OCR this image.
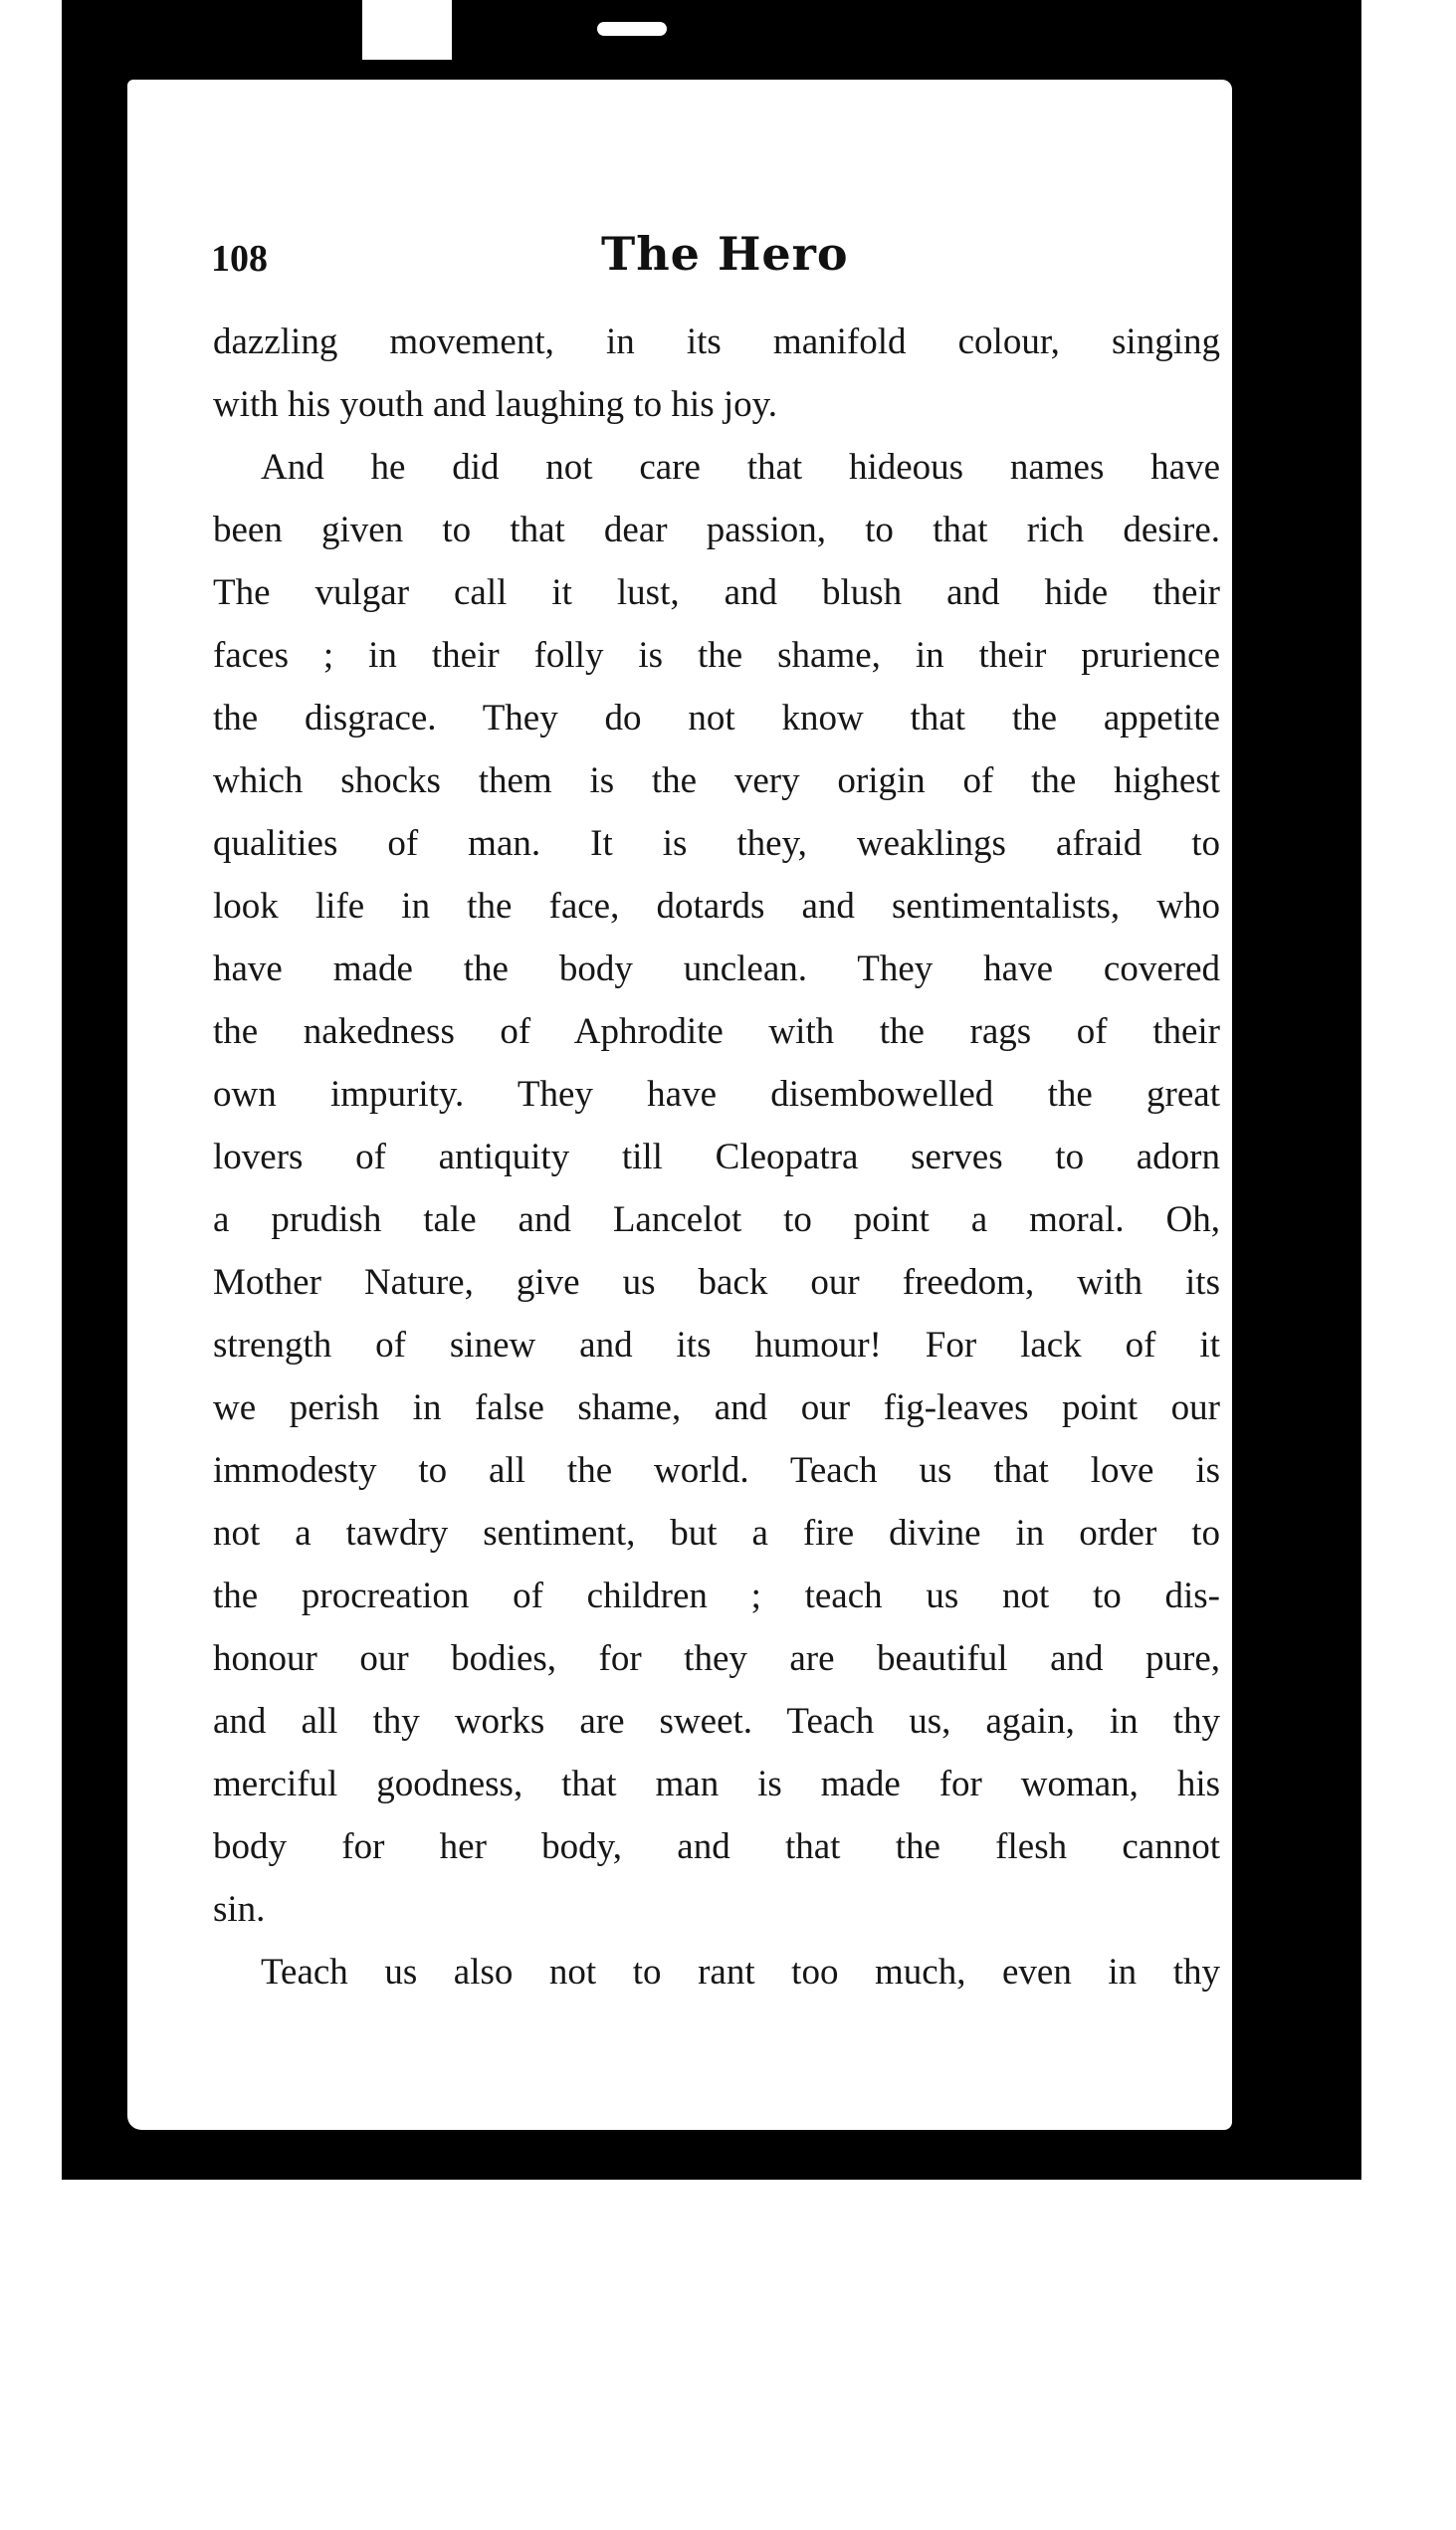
108	The Hero
dazzling movement, in its manifold colour, singing
with his youth and laughing to his joy.
And he did not care that hideous names have
been given to that dear passion, to that rich desire.
The vulgar call it lust, and blush and hide their
faces ; in their folly is the shame, in their prurience
the disgrace. They do not know that the appetite
which shocks them is the very origin of the highest
qualities of man. It is they, weaklings afraid to
look life in the face, dotards and sentimentalists, who
have made the body unclean. They have covered
the nakedness of Aphrodite with the rags of their
own impurity. They have disembowelled the great
lovers of antiquity till Cleopatra serves to adorn
a prudish tale and Lancelot to point a moral. Oh,
Mother Nature, give us back our freedom, with its
strength of sinew and its humour! For lack of it
we perish in false shame, and our fig-leaves point our
immodesty to all the world. Teach us that love is
not a tawdry sentiment, but a fire divine in order to
the procreation of children ; teach us not to dis-
honour our bodies, for they are beautiful and pure,
and all thy works are sweet. Teach us, again, in thy
merciful goodness, that man is made for woman, his
body for her body, and that the flesh cannot
sin.
Teach us also not to rant too much, even in thy
